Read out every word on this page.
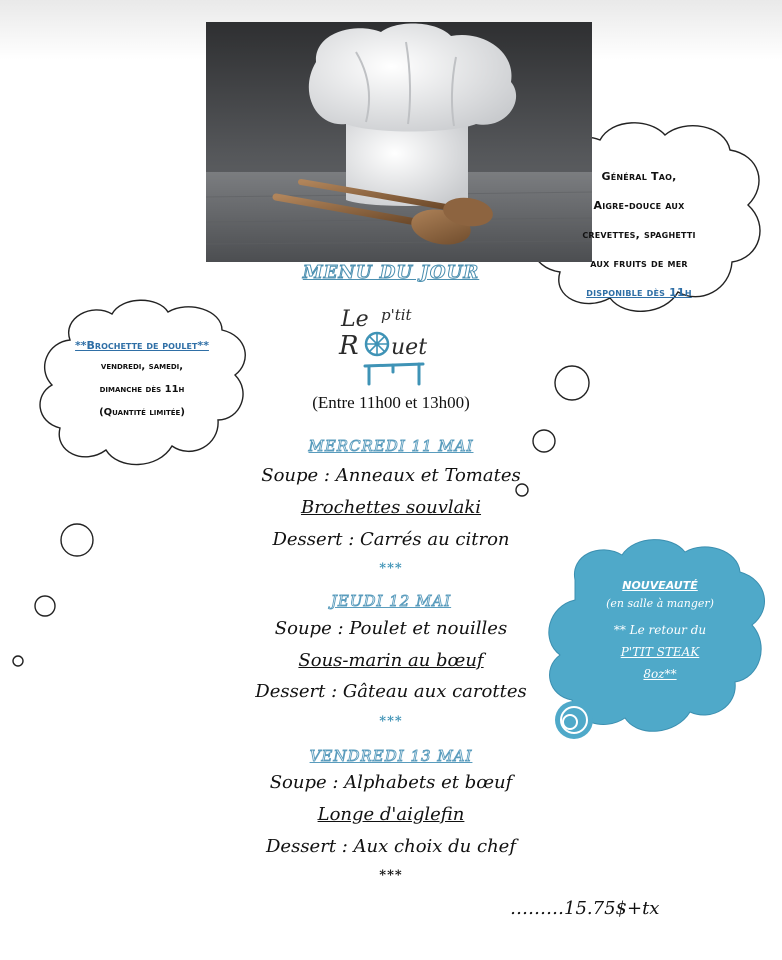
MENU DU JOUR
Le p'tit
R uet
(Entre 11h00 et 13h00)
MERCREDI 11 MAI
Soupe : Anneaux et Tomates
Brochettes souvlaki
Dessert : Carrés au citron
***
JEUDI 12 MAI
Soupe : Poulet et nouilles
Sous-marin au bœuf
Dessert : Gâteau aux carottes
***
VENDREDI 13 MAI
Soupe : Alphabets et bœuf
Longe d'aiglefin
Dessert : Aux choix du chef
***
………15.75$+tx
Général Tao,
Aigre-douce aux
crevettes, spaghetti
aux fruits de mer
disponible dès 11h
**Brochette de poulet**
vendredi, samedi,
dimanche dès 11h
(Quantité limitée)
NOUVEAUTÉ
(en salle à manger)
** Le retour du
P'TIT STEAK
8oz**
